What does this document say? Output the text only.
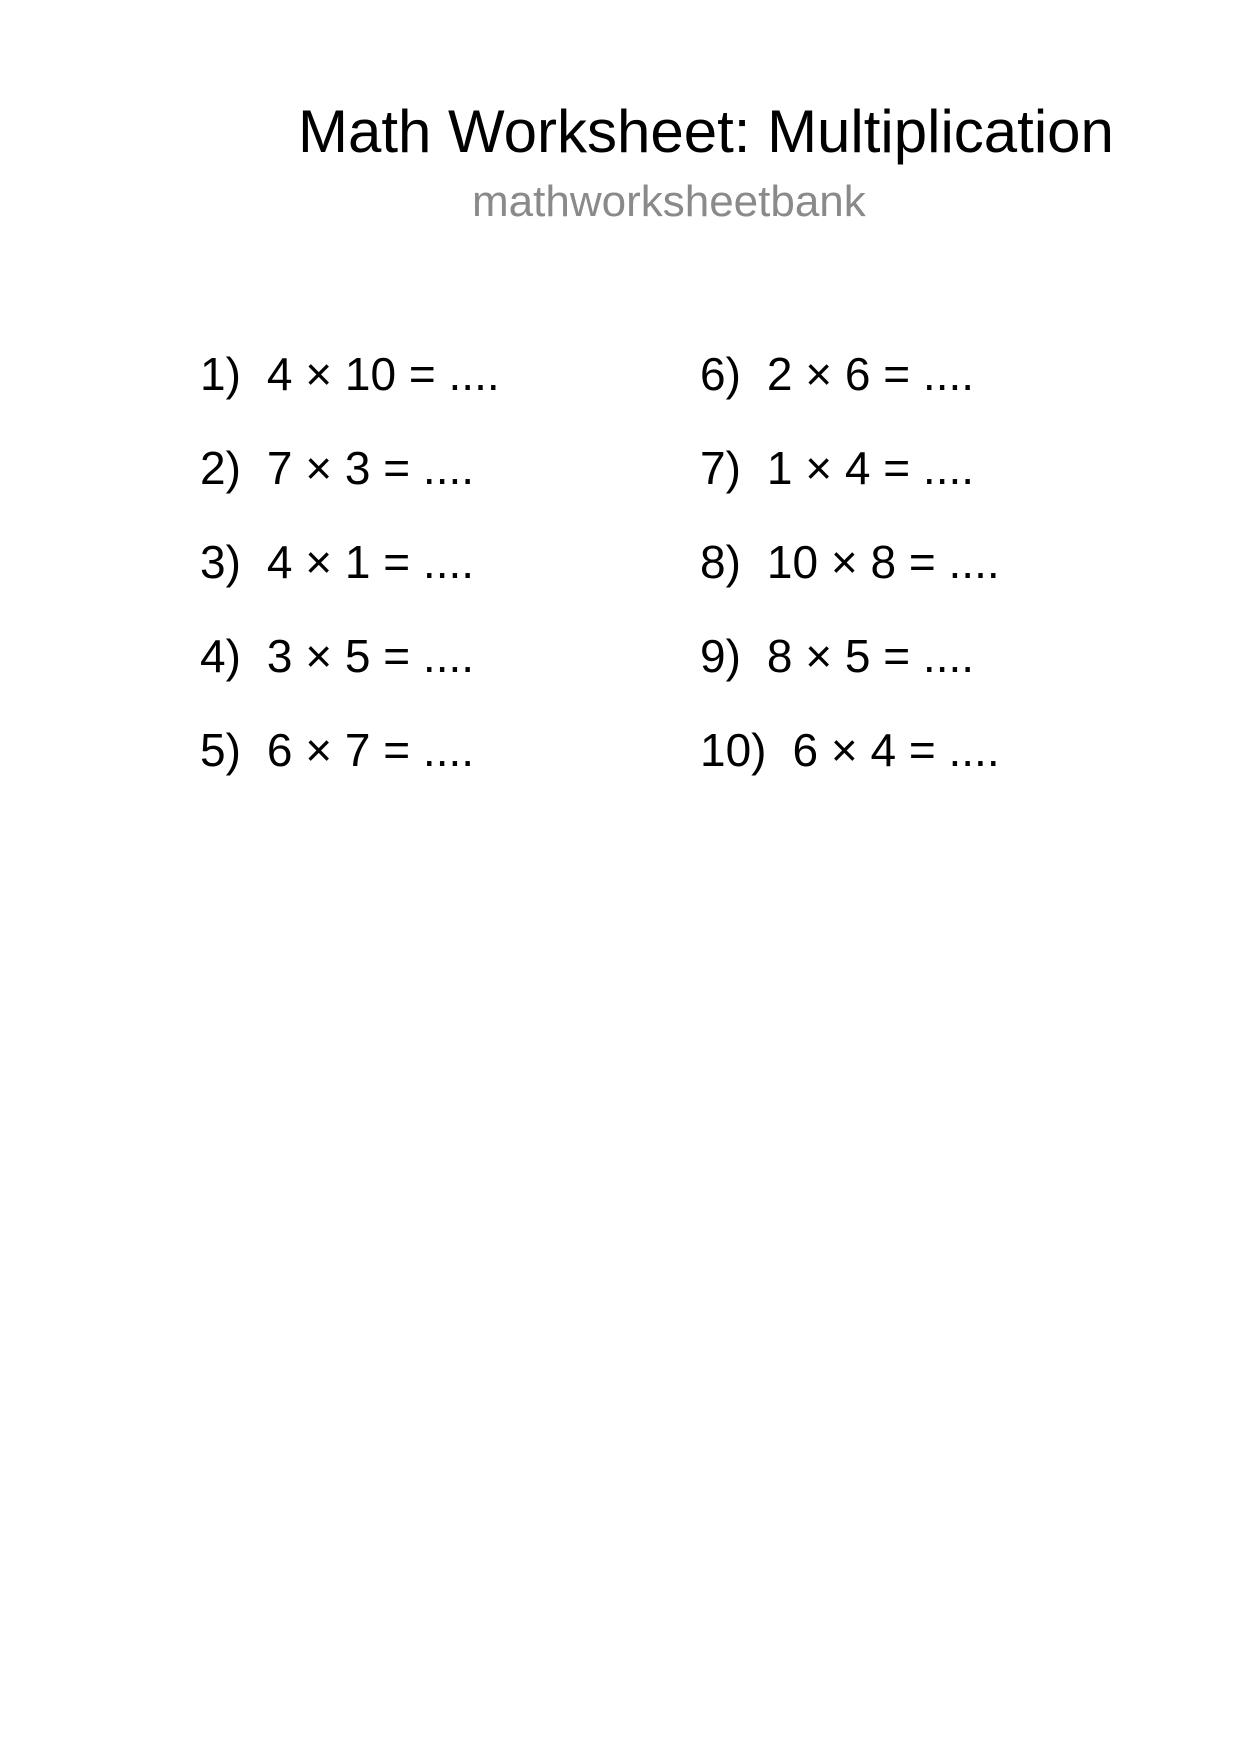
Math Worksheet: Multiplication
mathworksheetbank
1) 4 × 10 = ....
2) 7 × 3 = ....
3) 4 × 1 = ....
4) 3 × 5 = ....
5) 6 × 7 = ....
6) 2 × 6 = ....
7) 1 × 4 = ....
8) 10 × 8 = ....
9) 8 × 5 = ....
10) 6 × 4 = ....
